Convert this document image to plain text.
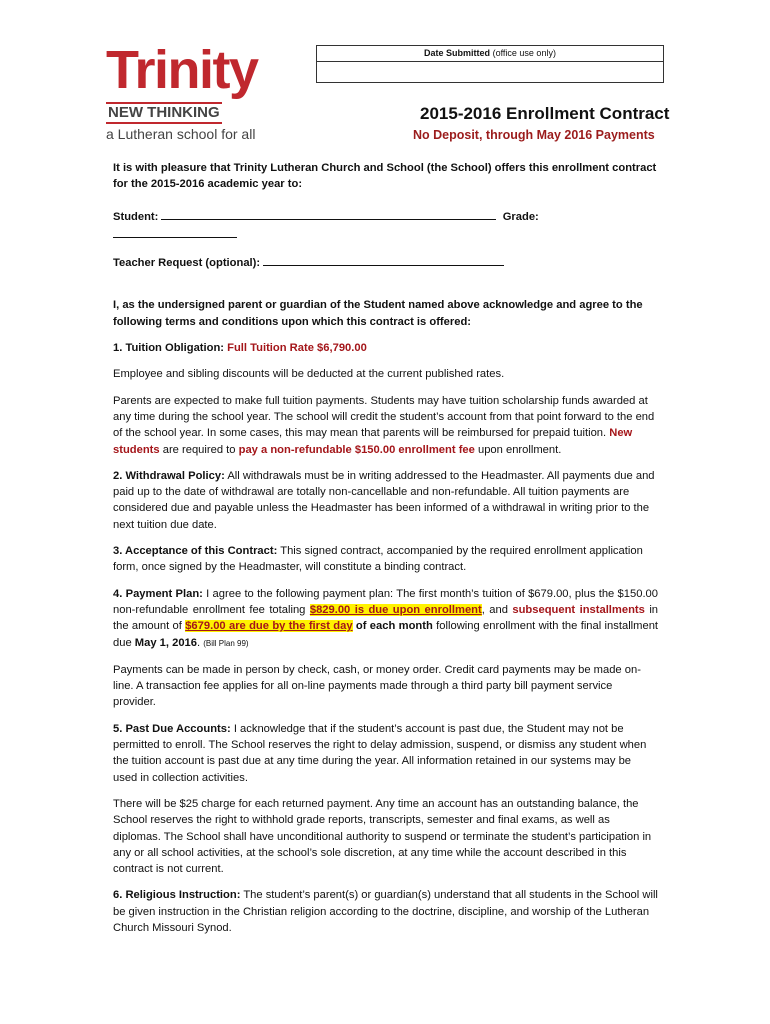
Trinity
NEW THINKING
a Lutheran school for all
Date Submitted (office use only)
2015-2016 Enrollment Contract
No Deposit, through May 2016 Payments

It is with pleasure that Trinity Lutheran Church and School (the School) offers this enrollment contract for the 2015-2016 academic year to:

Student:	Grade:

Teacher Request (optional):

I, as the undersigned parent or guardian of the Student named above acknowledge and agree to the following terms and conditions upon which this contract is offered:

1. Tuition Obligation: Full Tuition Rate $6,790.00

Employee and sibling discounts will be deducted at the current published rates.

Parents are expected to make full tuition payments. Students may have tuition scholarship funds awarded at any time during the school year. The school will credit the student’s account from that point forward to the end of the school year. In some cases, this may mean that parents will be reimbursed for prepaid tuition. New students are required to pay a non-refundable $150.00 enrollment fee upon enrollment.

2. Withdrawal Policy: All withdrawals must be in writing addressed to the Headmaster. All payments due and paid up to the date of withdrawal are totally non-cancellable and non-refundable. All tuition payments are considered due and payable unless the Headmaster has been informed of a withdrawal in writing prior to the next tuition due date.

3. Acceptance of this Contract: This signed contract, accompanied by the required enrollment application form, once signed by the Headmaster, will constitute a binding contract.

4. Payment Plan: I agree to the following payment plan: The first month’s tuition of $679.00, plus the $150.00 non-refundable enrollment fee totaling $829.00 is due upon enrollment, and subsequent installments in the amount of $679.00 are due by the first day of each month following enrollment with the final installment due May 1, 2016. (Bill Plan 99)

Payments can be made in person by check, cash, or money order. Credit card payments may be made on-line. A transaction fee applies for all on-line payments made through a third party bill payment service provider.

5. Past Due Accounts: I acknowledge that if the student’s account is past due, the Student may not be permitted to enroll. The School reserves the right to delay admission, suspend, or dismiss any student when the tuition account is past due at any time during the year. All information retained in our systems may be used in collection activities.

There will be $25 charge for each returned payment. Any time an account has an outstanding balance, the School reserves the right to withhold grade reports, transcripts, semester and final exams, as well as diplomas. The School shall have unconditional authority to suspend or terminate the student’s participation in any or all school activities, at the school’s sole discretion, at any time while the account described in this contract is not current.

6. Religious Instruction: The student’s parent(s) or guardian(s) understand that all students in the School will be given instruction in the Christian religion according to the doctrine, discipline, and worship of the Lutheran Church Missouri Synod.
